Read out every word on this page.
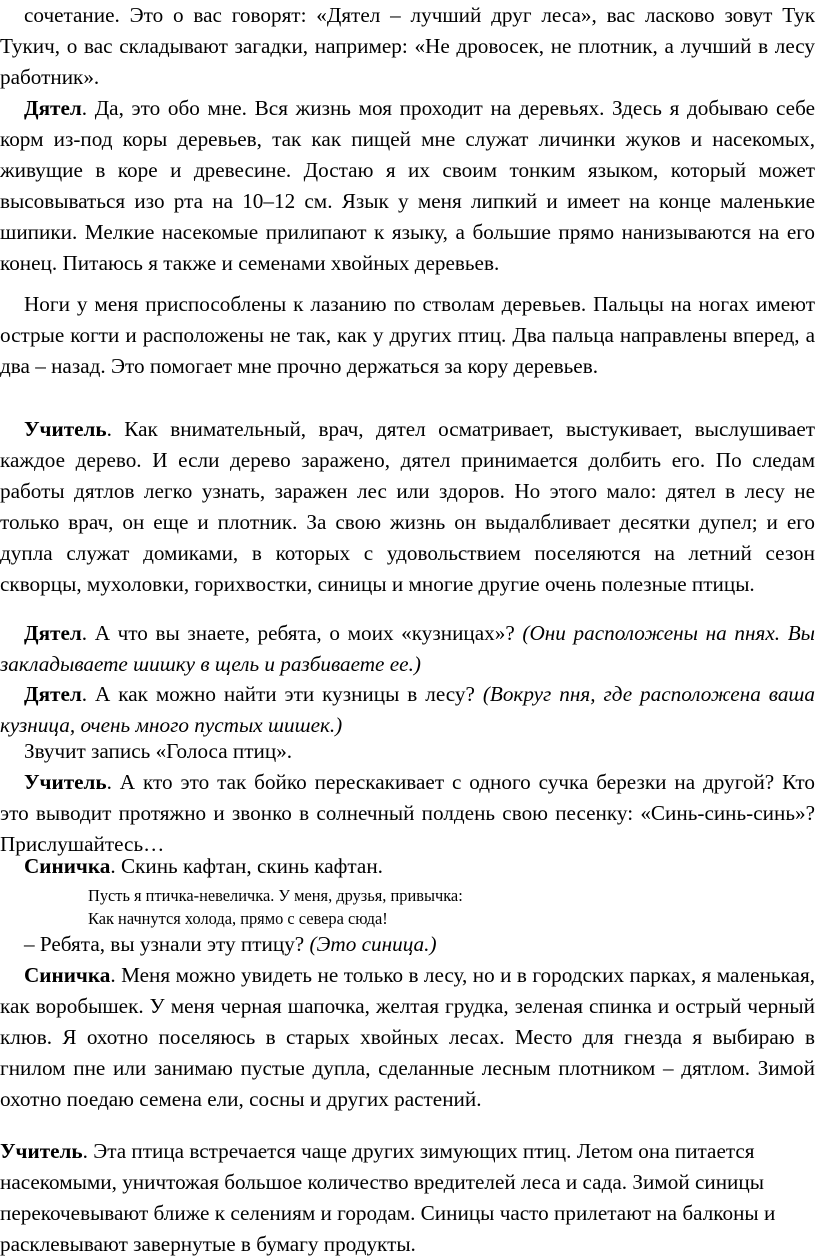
сочетание. Это о вас говорят: «Дятел – лучший друг леса», вас ласково зовут Тук Тукич, о вас складывают загадки, например: «Не дровосек, не плотник, а лучший в лесу работник».

Дятел. Да, это обо мне. Вся жизнь моя проходит на деревьях. Здесь я добываю себе корм из-под коры деревьев, так как пищей мне служат личинки жуков и насекомых, живущие в коре и древесине. Достаю я их своим тонким языком, который может высовываться изо рта на 10–12 см. Язык у меня липкий и имеет на конце маленькие шипики. Мелкие насекомые прилипают к языку, а большие прямо нанизываются на его конец. Питаюсь я также и семенами хвойных деревьев.

Ноги у меня приспособлены к лазанию по стволам деревьев. Пальцы на ногах имеют острые когти и расположены не так, как у других птиц. Два пальца направлены вперед, а два – назад. Это помогает мне прочно держаться за кору деревьев.

Учитель. Как внимательный, врач, дятел осматривает, выстукивает, выслушивает каждое дерево. И если дерево заражено, дятел принимается долбить его. По следам работы дятлов легко узнать, заражен лес или здоров. Но этого мало: дятел в лесу не только врач, он еще и плотник. За свою жизнь он выдалбливает десятки дупел; и его дупла служат домиками, в которых с удовольствием поселяются на летний сезон скворцы, мухоловки, горихвостки, синицы и многие другие очень полезные птицы.

Дятел. А что вы знаете, ребята, о моих «кузницах»? (Они расположены на пнях. Вы закладываете шишку в щель и разбиваете ее.)

Дятел. А как можно найти эти кузницы в лесу? (Вокруг пня, где расположена ваша кузница, очень много пустых шишек.)

Звучит запись «Голоса птиц».

Учитель. А кто это так бойко перескакивает с одного сучка березки на другой? Кто это выводит протяжно и звонко в солнечный полдень свою песенку: «Синь-синь-синь»? Прислушайтесь…

Синичка. Скинь кафтан, скинь кафтан.

Пусть я птичка-невеличка. У меня, друзья, привычка:
Как начнутся холода, прямо с севера сюда!

– Ребята, вы узнали эту птицу? (Это синица.)

Синичка. Меня можно увидеть не только в лесу, но и в городских парках, я маленькая, как воробышек. У меня черная шапочка, желтая грудка, зеленая спинка и острый черный клюв. Я охотно поселяюсь в старых хвойных лесах. Место для гнезда я выбираю в гнилом пне или занимаю пустые дупла, сделанные лесным плотником – дятлом. Зимой охотно поедаю семена ели, сосны и других растений.

Учитель. Эта птица встречается чаще других зимующих птиц. Летом она питается насекомыми, уничтожая большое количество вредителей леса и сада. Зимой синицы перекочевывают ближе к селениям и городам. Синицы часто прилетают на балконы и расклевывают завернутые в бумагу продукты.
